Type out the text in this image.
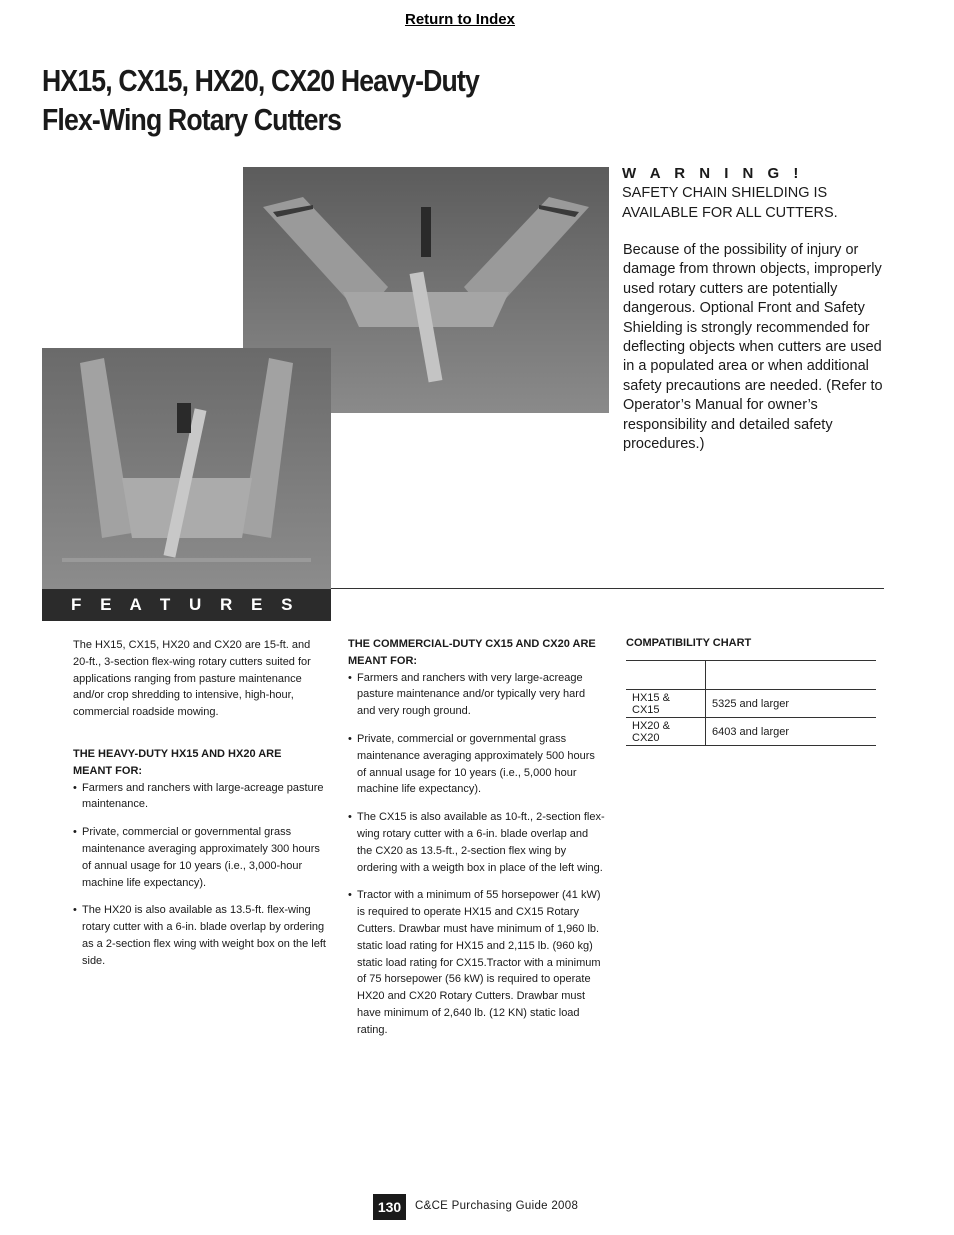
Return to Index
HX15, CX15, HX20, CX20 Heavy-Duty
Flex-Wing Rotary Cutters
W A R N I N G !
SAFETY CHAIN SHIELDING IS AVAILABLE FOR ALL CUTTERS.
Because of the possibility of injury or damage from thrown objects, improperly used rotary cutters are potentially dangerous. Optional Front and Safety Shielding is strongly recommended for deflecting objects when cutters are used in a populated area or when additional safety precautions are needed. (Refer to Operator’s Manual for owner’s responsibility and detailed safety procedures.)
F E A T U R E S

The HX15, CX15, HX20 and CX20 are 15-ft. and 20-ft., 3-section flex-wing rotary cutters suited for applications ranging from pasture maintenance and/or crop shredding to intensive, high-hour, commercial roadside mowing.

THE HEAVY-DUTY HX15 AND HX20 ARE

MEANT FOR:

• Farmers and ranchers with large-acreage pasture maintenance.

• Private, commercial or governmental grass maintenance averaging approximately 300 hours of annual usage for 10 years (i.e., 3,000-hour machine life expectancy).

• The HX20 is also available as 13.5-ft. flex-wing rotary cutter with a 6-in. blade overlap by ordering as a 2-section flex wing with weight box on the left side.

THE COMMERCIAL-DUTY CX15 AND CX20 ARE

MEANT FOR:

• Farmers and ranchers with very large-acreage pasture maintenance and/or typically very hard and very rough ground.

• Private, commercial or governmental grass maintenance averaging approximately 500 hours of annual usage for 10 years (i.e., 5,000 hour machine life expectancy).

• The CX15 is also available as 10-ft., 2-section flex-wing rotary cutter with a 6-in. blade overlap and the CX20 as 13.5-ft., 2-section flex wing by ordering with a weigth box in place of the left wing.

• Tractor with a minimum of 55 horsepower (41 kW) is required to operate HX15 and CX15 Rotary Cutters. Drawbar must have minimum of 1,960 lb. static load rating for HX15 and 2,115 lb. (960 kg) static load rating for CX15.Tractor with a minimum of 75 horsepower (56 kW) is required to operate HX20 and CX20 Rotary Cutters. Drawbar must have minimum of 2,640 lb. (12 KN) static load rating.

COMPATIBILITY CHART

HX15 & CX15	5325 and larger
HX20 & CX20	6403 and larger
130	C&CE Purchasing Guide 2008
